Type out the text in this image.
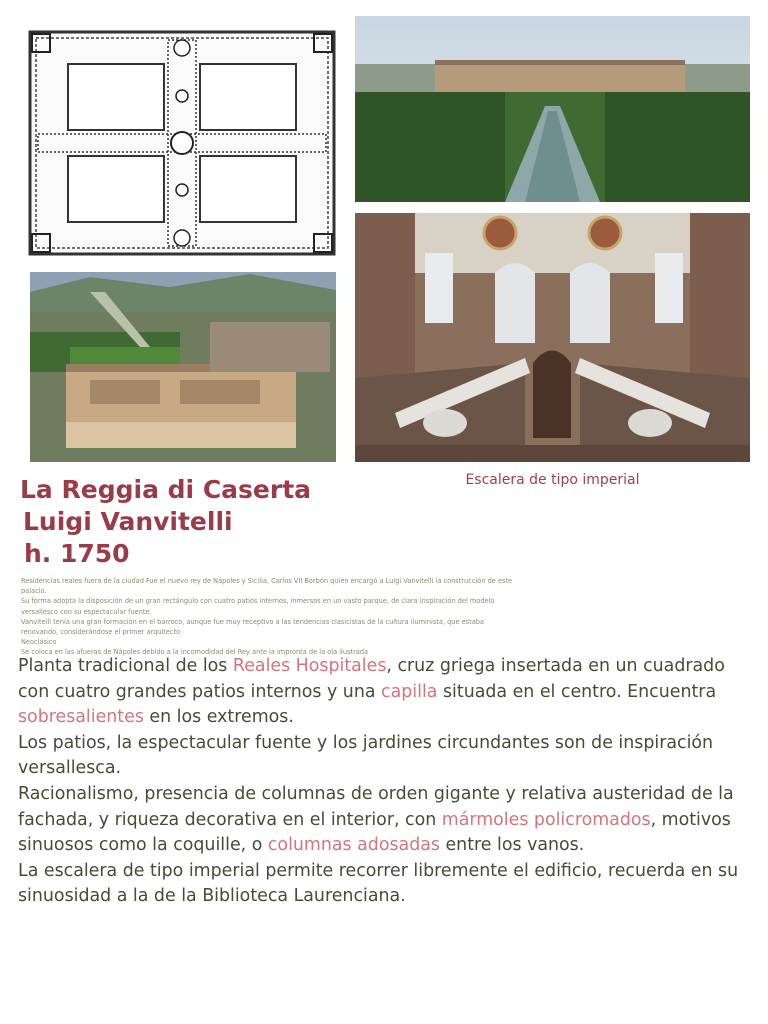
Escalera de tipo imperial
La Reggia di Caserta
Luigi Vanvitelli
h. 1750
Residencias reales fuera de la ciudad Fue el nuevo rey de Nápoles y Sicilia, Carlos VII Borbón quien encargó a Luigi Vanvitelli la construcción de este
palacio.
Su forma adopta la disposición de un gran rectángulo con cuatro patios internos, inmersos en un vasto parque, de clara inspiración del modelo
versallesco con su espectacular fuente.
Vanvitelli tenía una gran formación en el barroco, aunque fue muy receptivo a las tendencias clasicistas de la cultura iluminista, que estaba
renovando, considerándose el primer arquitecto
Neoclásico
Se coloca en las afueras de Nápoles debido a la incomodidad del Rey ante la impronta de la ola ilustrada

Planta tradicional de los Reales Hospitales, cruz griega insertada en un cuadrado con cuatro grandes patios internos y una capilla situada en el centro. Encuentra sobresalientes en los extremos.

Los patios, la espectacular fuente y los jardines circundantes son de inspiración versallesca.

Racionalismo, presencia de columnas de orden gigante y relativa austeridad de la fachada, y riqueza decorativa en el interior, con mármoles policromados, motivos sinuosos como la coquille, o columnas adosadas entre los vanos.

La escalera de tipo imperial permite recorrer libremente el edificio, recuerda en su sinuosidad a la de la Biblioteca Laurenciana.
